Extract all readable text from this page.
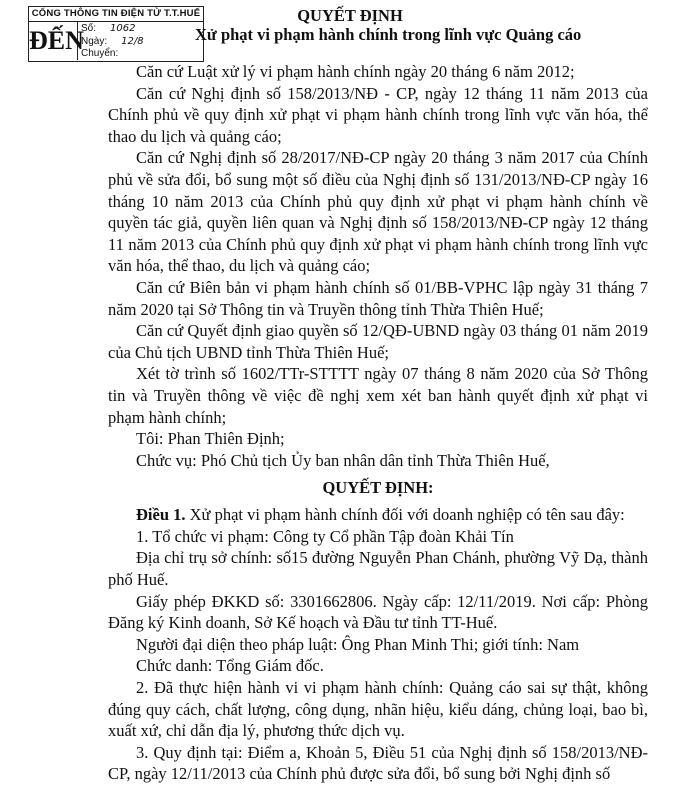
CỔNG THÔNG TIN ĐIỆN TỬ T.T.HUẾ
ĐẾN
Số: 1062
Ngày: 12/8
Chuyển:
QUYẾT ĐỊNH
Xử phạt vi phạm hành chính trong lĩnh vực Quảng cáo

Căn cứ Luật xử lý vi phạm hành chính ngày 20 tháng 6 năm 2012;

Căn cứ Nghị định số 158/2013/NĐ - CP, ngày 12 tháng 11 năm 2013 của Chính phủ về quy định xử phạt vi phạm hành chính trong lĩnh vực văn hóa, thể thao du lịch và quảng cáo;

Căn cứ Nghị định số 28/2017/NĐ-CP ngày 20 tháng 3 năm 2017 của Chính phủ về sửa đổi, bổ sung một số điều của Nghị định số 131/2013/NĐ-CP ngày 16 tháng 10 năm 2013 của Chính phủ quy định xử phạt vi phạm hành chính về quyền tác giả, quyền liên quan và Nghị định số 158/2013/NĐ-CP ngày 12 tháng 11 năm 2013 của Chính phủ quy định xử phạt vi phạm hành chính trong lĩnh vực văn hóa, thể thao, du lịch và quảng cáo;

Căn cứ Biên bản vi phạm hành chính số 01/BB-VPHC lập ngày 31 tháng 7 năm 2020 tại Sở Thông tin và Truyền thông tỉnh Thừa Thiên Huế;

Căn cứ Quyết định giao quyền số 12/QĐ-UBND ngày 03 tháng 01 năm 2019 của Chủ tịch UBND tỉnh Thừa Thiên Huế;

Xét tờ trình số 1602/TTr-STTTT ngày 07 tháng 8 năm 2020 của Sở Thông tin và Truyền thông về việc đề nghị xem xét ban hành quyết định xử phạt vi phạm hành chính;

Tôi: Phan Thiên Định;

Chức vụ: Phó Chủ tịch Ủy ban nhân dân tỉnh Thừa Thiên Huế,

QUYẾT ĐỊNH:

Điều 1. Xử phạt vi phạm hành chính đối với doanh nghiệp có tên sau đây:

1. Tổ chức vi phạm: Công ty Cổ phần Tập đoàn Khải Tín

Địa chỉ trụ sở chính: số15 đường Nguyễn Phan Chánh, phường Vỹ Dạ, thành phố Huế.

Giấy phép ĐKKD số: 3301662806. Ngày cấp: 12/11/2019. Nơi cấp: Phòng Đăng ký Kinh doanh, Sở Kế hoạch và Đầu tư tỉnh TT-Huế.

Người đại diện theo pháp luật: Ông Phan Minh Thi; giới tính: Nam

Chức danh: Tổng Giám đốc.

2. Đã thực hiện hành vi vi phạm hành chính: Quảng cáo sai sự thật, không đúng quy cách, chất lượng, công dụng, nhãn hiệu, kiểu dáng, chủng loại, bao bì, xuất xứ, chỉ dẫn địa lý, phương thức dịch vụ.

3. Quy định tại: Điểm a, Khoản 5, Điều 51 của Nghị định số 158/2013/NĐ-CP, ngày 12/11/2013 của Chính phủ được sửa đổi, bổ sung bởi Nghị định số
